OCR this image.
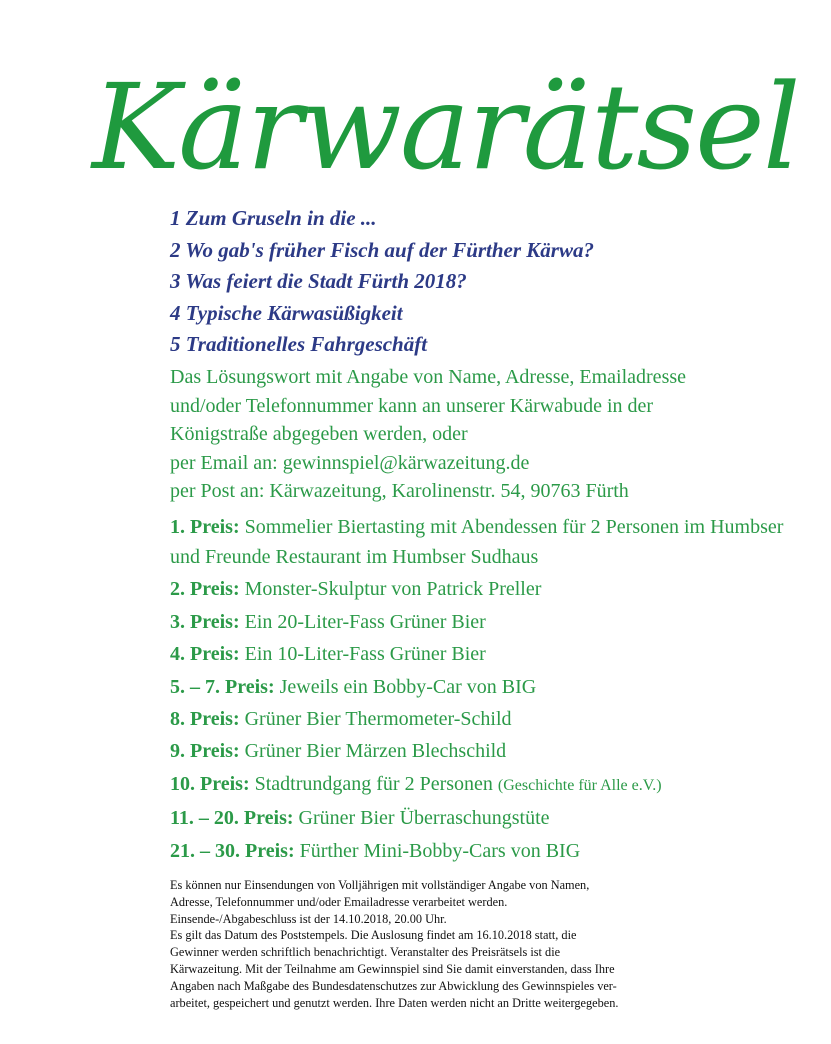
Kärwarätsel
1 Zum Gruseln in die ...
2 Wo gab's früher Fisch auf der Fürther Kärwa?
3 Was feiert die Stadt Fürth 2018?
4 Typische Kärwasüßigkeit
5 Traditionelles Fahrgeschäft
Das Lösungswort mit Angabe von Name, Adresse, Emailadresse
und/oder Telefonnummer kann an unserer Kärwabude in der
Königstraße abgegeben werden, oder
per Email an: gewinnspiel@kärwazeitung.de
per Post an: Kärwazeitung, Karolinenstr. 54, 90763 Fürth
1. Preis: Sommelier Biertasting mit Abendessen für 2 Personen im Humbser und Freunde Restaurant im Humbser Sudhaus
2. Preis: Monster-Skulptur von Patrick Preller
3. Preis: Ein 20-Liter-Fass Grüner Bier
4. Preis: Ein 10-Liter-Fass Grüner Bier
5. – 7. Preis: Jeweils ein Bobby-Car von BIG
8. Preis: Grüner Bier Thermometer-Schild
9. Preis: Grüner Bier Märzen Blechschild
10. Preis: Stadtrundgang für 2 Personen (Geschichte für Alle e.V.)
11. – 20. Preis: Grüner Bier Überraschungstüte
21. – 30. Preis: Fürther Mini-Bobby-Cars von BIG
Es können nur Einsendungen von Volljährigen mit vollständiger Angabe von Namen,
Adresse, Telefonnummer und/oder Emailadresse verarbeitet werden.
Einsende-/Abgabeschluss ist der 14.10.2018, 20.00 Uhr.
Es gilt das Datum des Poststempels. Die Auslosung findet am 16.10.2018 statt, die
Gewinner werden schriftlich benachrichtigt. Veranstalter des Preisrätsels ist die
Kärwazeitung. Mit der Teilnahme am Gewinnspiel sind Sie damit einverstanden, dass Ihre
Angaben nach Maßgabe des Bundesdatenschutzes zur Abwicklung des Gewinnspieles ver-
arbeitet, gespeichert und genutzt werden. Ihre Daten werden nicht an Dritte weitergegeben.
